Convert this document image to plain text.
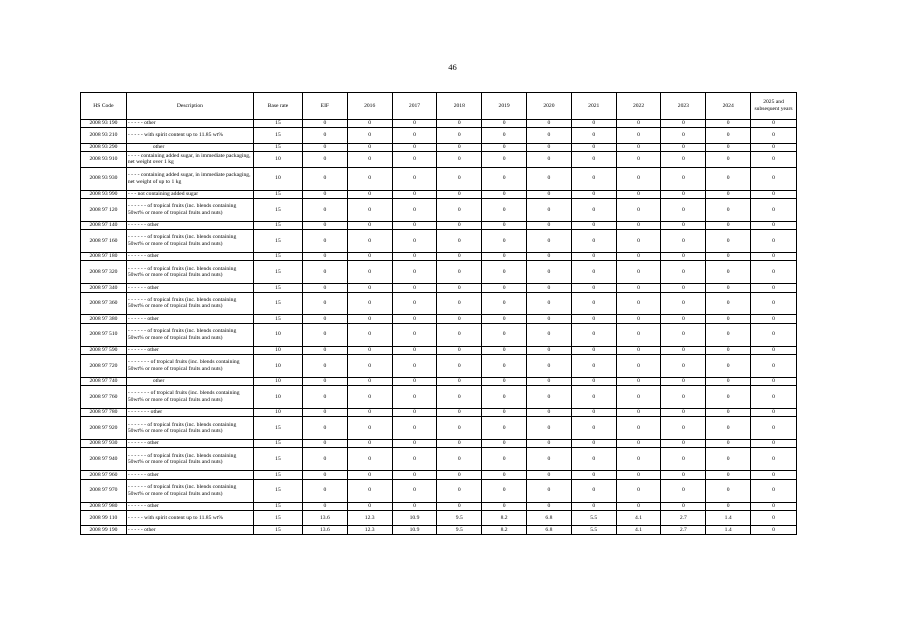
46
HS Code	Description	Base rate	EIF	2016	2017	2018	2019	2020	2021	2022	2023	2024	2025 and subsequent years
2008 93 190	- - - - - other	15	0	0	0	0	0	0	0	0	0	0	0
2008 93 210	- - - - - with spirit content up to 11.85 wt%	15	0	0	0	0	0	0	0	0	0	0	0
2008 93 290	other	15	0	0	0	0	0	0	0	0	0	0	0
2008 93 910	- - - - containing added sugar, in immediate packaging, net weight over 1 kg	10	0	0	0	0	0	0	0	0	0	0	0
2008 93 930	- - - - containing added sugar, in immediate packaging, net weight of up to 1 kg	10	0	0	0	0	0	0	0	0	0	0	0
2008 93 990	- - - not containing added sugar	15	0	0	0	0	0	0	0	0	0	0	0
2008 97 120	- - - - - - of tropical fruits (inc. blends containing 50wt% or more of tropical fruits and nuts)	15	0	0	0	0	0	0	0	0	0	0	0
2008 97 140	- - - - - - other	15	0	0	0	0	0	0	0	0	0	0	0
2008 97 160	- - - - - - of tropical fruits (inc. blends containing 50wt% or more of tropical fruits and nuts)	15	0	0	0	0	0	0	0	0	0	0	0
2008 97 180	- - - - - - other	15	0	0	0	0	0	0	0	0	0	0	0
2008 97 320	- - - - - - of tropical fruits (inc. blends containing 50wt% or more of tropical fruits and nuts)	15	0	0	0	0	0	0	0	0	0	0	0
2008 97 340	- - - - - - other	15	0	0	0	0	0	0	0	0	0	0	0
2008 97 360	- - - - - - of tropical fruits (inc. blends containing 50wt% or more of tropical fruits and nuts)	15	0	0	0	0	0	0	0	0	0	0	0
2008 97 380	- - - - - - other	15	0	0	0	0	0	0	0	0	0	0	0
2008 97 510	- - - - - - of tropical fruits (inc. blends containing 50wt% or more of tropical fruits and nuts)	10	0	0	0	0	0	0	0	0	0	0	0
2008 97 590	- - - - - - other	10	0	0	0	0	0	0	0	0	0	0	0
2008 97 720	- - - - - - - of tropical fruits (inc. blends containing 50wt% or more of tropical fruits and nuts)	10	0	0	0	0	0	0	0	0	0	0	0
2008 97 740	other	10	0	0	0	0	0	0	0	0	0	0	0
2008 97 760	- - - - - - - of tropical fruits (inc. blends containing 50wt% or more of tropical fruits and nuts)	10	0	0	0	0	0	0	0	0	0	0	0
2008 97 780	- - - - - - - other	10	0	0	0	0	0	0	0	0	0	0	0
2008 97 920	- - - - - - of tropical fruits (inc. blends containing 50wt% or more of tropical fruits and nuts)	15	0	0	0	0	0	0	0	0	0	0	0
2008 97 930	- - - - - - other	15	0	0	0	0	0	0	0	0	0	0	0
2008 97 940	- - - - - - of tropical fruits (inc. blends containing 50wt% or more of tropical fruits and nuts)	15	0	0	0	0	0	0	0	0	0	0	0
2008 97 960	- - - - - - other	15	0	0	0	0	0	0	0	0	0	0	0
2008 97 970	- - - - - - of tropical fruits (inc. blends containing 50wt% or more of tropical fruits and nuts)	15	0	0	0	0	0	0	0	0	0	0	0
2008 97 980	- - - - - - other	15	0	0	0	0	0	0	0	0	0	0	0
2008 99 110	- - - - - with spirit content up to 11.85 wt%	15	13.6	12.3	10.9	9.5	8.2	6.8	5.5	4.1	2.7	1.4	0
2008 99 190	- - - - - other	15	13.6	12.3	10.9	9.5	8.2	6.8	5.5	4.1	2.7	1.4	0
